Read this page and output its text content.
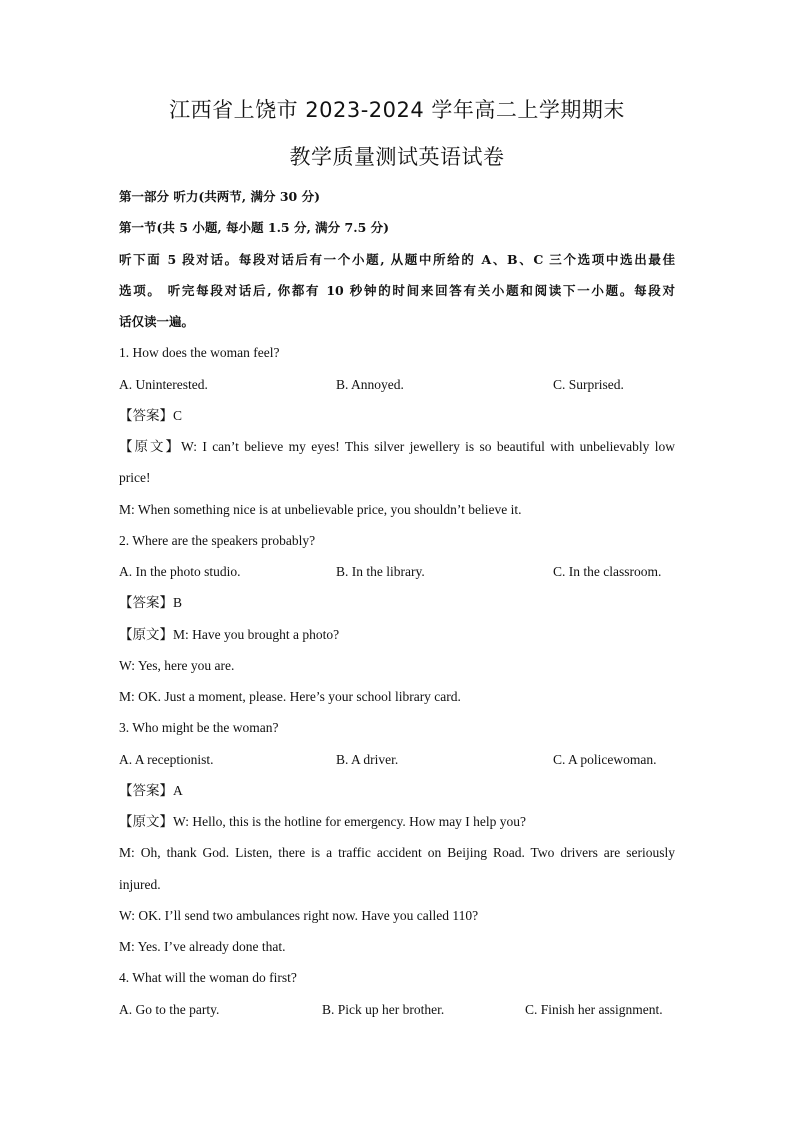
江西省上饶市 2023-2024 学年高二上学期期末
教学质量测试英语试卷
第一部分 听力(共两节, 满分 30 分)
第一节(共 5 小题, 每小题 1.5 分, 满分 7.5 分)
听下面 5 段对话。每段对话后有一个小题, 从题中所给的 A、B、C 三个选项中选出最佳
选项。 听完每段对话后, 你都有 10 秒钟的时间来回答有关小题和阅读下一小题。每段对
话仅读一遍。
1. How does the woman feel?
A. Uninterested.	B. Annoyed.	C. Surprised.
【答案】C
【原文】W: I can’t believe my eyes! This silver jewellery is so beautiful with unbelievably low
price!
M: When something nice is at unbelievable price, you shouldn’t believe it.
2. Where are the speakers probably?
A. In the photo studio.	B. In the library.	C. In the classroom.
【答案】B
【原文】M: Have you brought a photo?
W: Yes, here you are.
M: OK. Just a moment, please. Here’s your school library card.
3. Who might be the woman?
A. A receptionist.	B. A driver.	C. A policewoman.
【答案】A
【原文】W: Hello, this is the hotline for emergency. How may I help you?
M: Oh, thank God. Listen, there is a traffic accident on Beijing Road. Two drivers are seriously
injured.
W: OK. I’ll send two ambulances right now. Have you called 110?
M: Yes. I’ve already done that.
4. What will the woman do first?
A. Go to the party.	B. Pick up her brother.	C. Finish her assignment.
